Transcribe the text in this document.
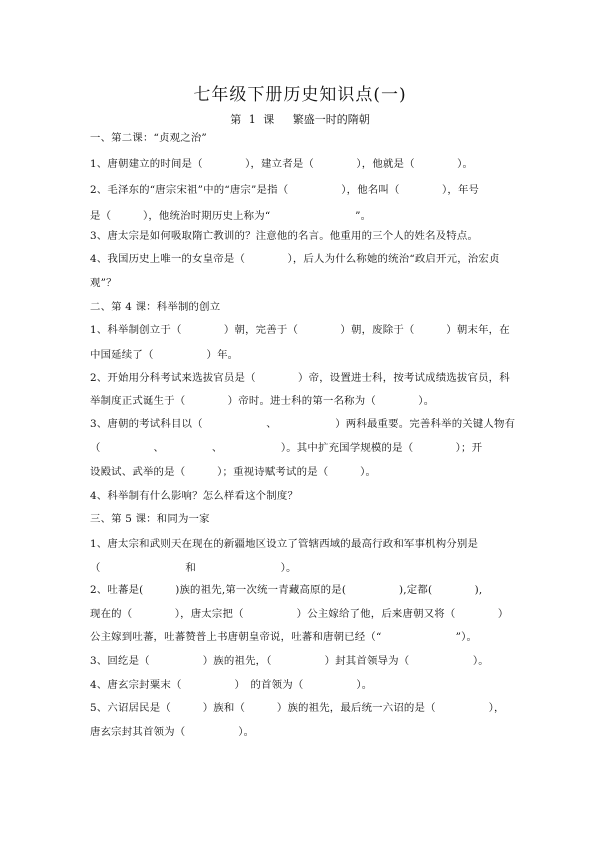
七年级下册历史知识点(一)
第 1 课　 繁盛一时的隋朝
一、第二课：“贞观之治”
1、唐朝建立的时间是（　　　　），建立者是（　　　　），他就是（　　　　）。
2、毛泽东的“唐宗宋祖”中的“唐宗”是指（　　　　　），他名叫（　　　　），年号
是（　　　），他统治时期历史上称为“　　　　　　　　”。
3、唐太宗是如何吸取隋亡教训的？注意他的名言。他重用的三个人的姓名及特点。
4、我国历史上唯一的女皇帝是（　　　　），后人为什么称她的统治“政启开元，治宏贞
观”？
二、第 4 课：科举制的创立
1、科举制创立于（　　　　）朝，完善于（　　　　）朝，废除于（　　　）朝末年，在
中国延续了（　　　　　）年。
2、开始用分科考试来选拔官员是（　　　　）帝，设置进士科，按考试成绩选拔官员，科
举制度正式诞生于（　　　　）帝时。进士科的第一名称为（　　　　）。
3、唐朝的考试科目以（　　　　　　、　　　　　　）两科最重要。完善科举的关键人物有
（　　　　　、　　　　　、　　　　　　）。其中扩充国学规模的是（　　　　）；开
设殿试、武举的是（　　　）；重视诗赋考试的是（　　　）。
4、科举制有什么影响？怎么样看这个制度？
三、第 5 课：和同为一家
1、唐太宗和武则天在现在的新疆地区设立了管辖西域的最高行政和军事机构分别是
（　　　　　　　　和　　　　　　　　）。
2、吐蕃是(　　　)族的祖先,第一次统一青藏高原的是(　　　　　),定都(　　　　),
现在的（　　　　），唐太宗把（　　　　　）公主嫁给了他，后来唐朝又将（　　　　）
公主嫁到吐蕃，吐蕃赞普上书唐朝皇帝说，吐蕃和唐朝已经（“　　　　　　　”）。
3、回纥是（　　　　　）族的祖先，（　　　　　）封其首领导为（　　　　　　）。
4、唐玄宗封粟末（　　　　　）　的首领为（　　　　　）。
5、六诏居民是（　　　）族和（　　　）族的祖先，最后统一六诏的是（　　　　　），
唐玄宗封其首领为（　　　　　）。
